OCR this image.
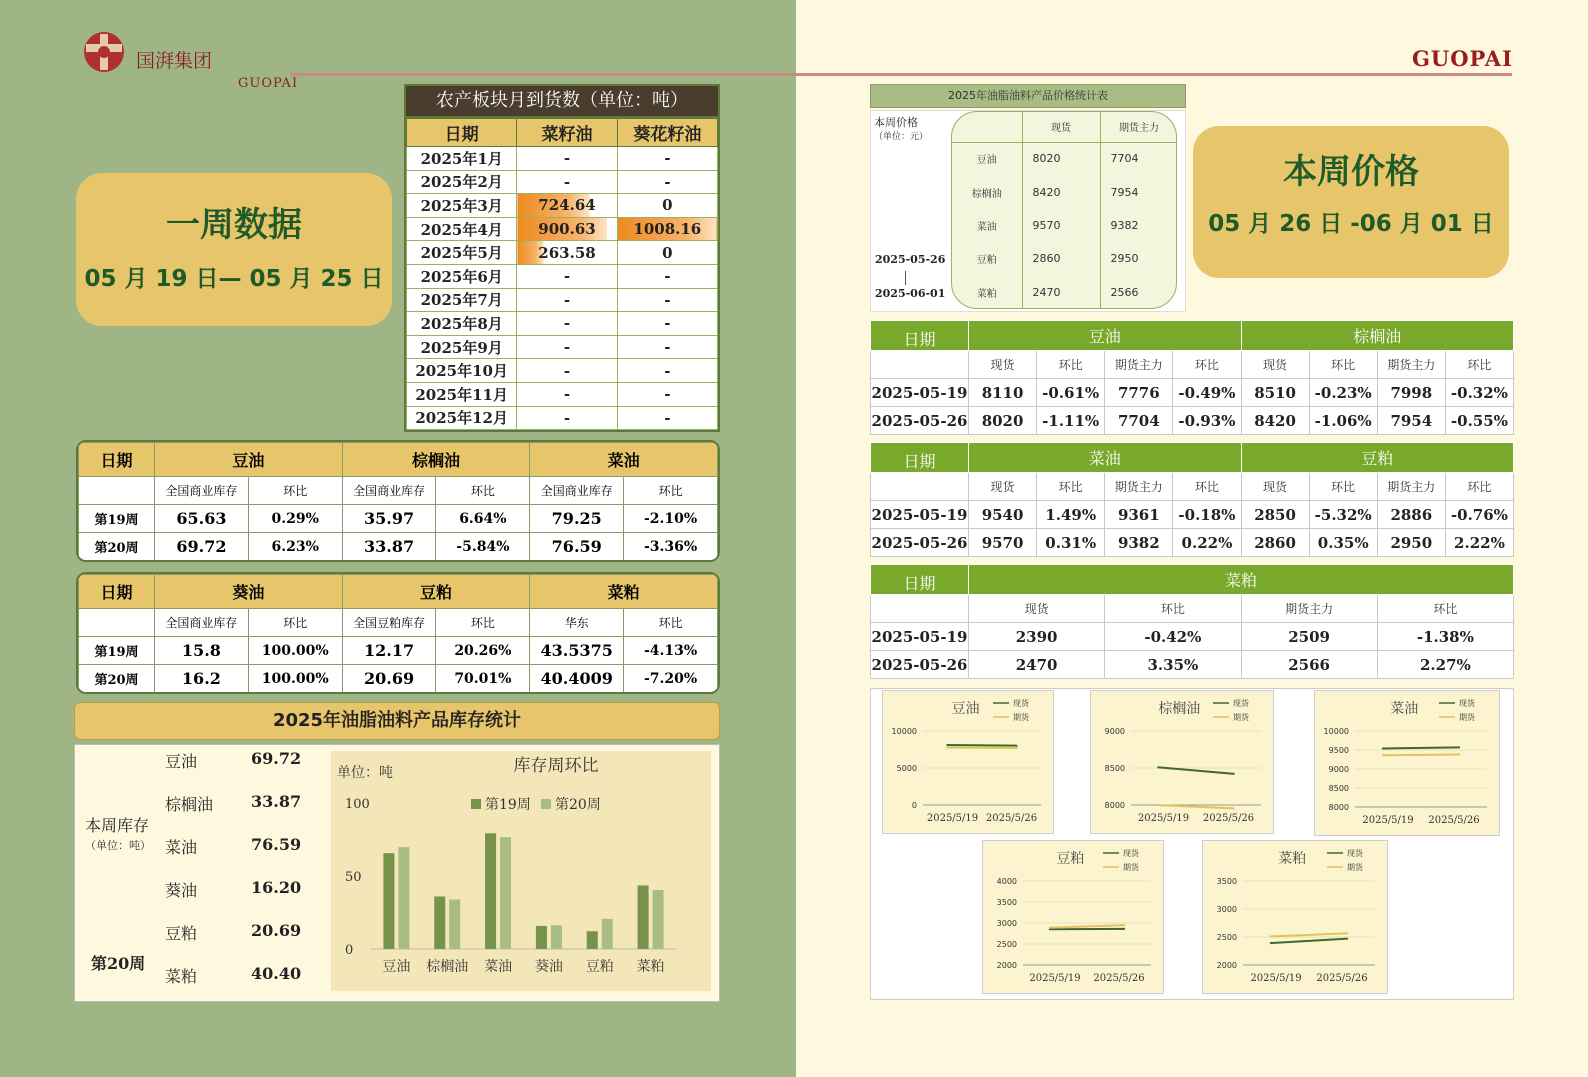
国湃集团
GUOPAI
GUOPAI
一周数据
05 月 19 日— 05 月 25 日
本周价格
05 月 26 日 -06 月 01 日
农产板块月到货数（单位：吨）
日期	菜籽油	葵花籽油
2025年1月	-	-
2025年2月	-	-
2025年3月	724.64	0
2025年4月	900.63	1008.16
2025年5月	263.58	0
2025年6月	-	-
2025年7月	-	-
2025年8月	-	-
2025年9月	-	-
2025年10月	-	-
2025年11月	-	-
2025年12月	-	-
日期	豆油		棕榈油		菜油	
	全国商业库存	环比	全国商业库存	环比	全国商业库存	环比
第19周	65.63	0.29%	35.97	6.64%	79.25	-2.10%
第20周	69.72	6.23%	33.87	-5.84%	76.59	-3.36%
日期	葵油		豆粕		菜粕	
	全国商业库存	环比	全国豆粕库存	环比	华东	环比
第19周	15.8	100.00%	12.17	20.26%	43.5375	-4.13%
第20周	16.2	100.00%	20.69	70.01%	40.4009	-7.20%
2025年油脂油料产品库存统计
本周库存
（单位：吨）
第20周
库存周环比
单位：吨
0
50
100	第19周 第20周
豆油 棕榈油 菜油 葵油 豆粕 菜粕
豆油	69.72
棕榈油 33.87
菜油	76.59
葵油	16.20
豆粕	20.69
菜粕	40.40
2025年油脂油料产品价格统计表
本周价格
（单位：元）
2025-05-26
2025-06-01
	现货	期货主力
豆油	8020	7704
棕榈油	8420	7954
菜油	9570	9382
豆粕	2860	2950
菜粕	2470	2566
日期	豆油				棕榈油			
	现货	环比	期货主力	环比	现货	环比	期货主力	环比
2025-05-19	8110	-0.61%	7776	-0.49%	8510	-0.23%	7998	-0.32%
2025-05-26	8020	-1.11%	7704	-0.93%	8420	-1.06%	7954	-0.55%
日期	菜油				豆粕			
	现货	环比	期货主力	环比	现货	环比	期货主力	环比
2025-05-19	9540	1.49%	9361	-0.18%	2850	-5.32%	2886	-0.76%
2025-05-26	9570	0.31%	9382	0.22%	2860	0.35%	2950	2.22%
日期	菜粕			
	现货	环比	期货主力	环比
2025-05-19	2390	-0.42%	2509	-1.38%
2025-05-26	2470	3.35%	2566	2.27%
豆油	现货
期货
0
5000
10000
2025/5/19 2025/5/26
棕榈油	现货
期货
8000
8500
9000
2025/5/19 2025/5/26
菜油	现货
期货
8000
8500
9000
9500
10000
2025/5/19 2025/5/26
豆粕	现货
期货
2000
2500
3000
3500
4000
2025/5/19 2025/5/26
菜粕	现货
期货
2000
2500
3000
3500
2025/5/19 2025/5/26
